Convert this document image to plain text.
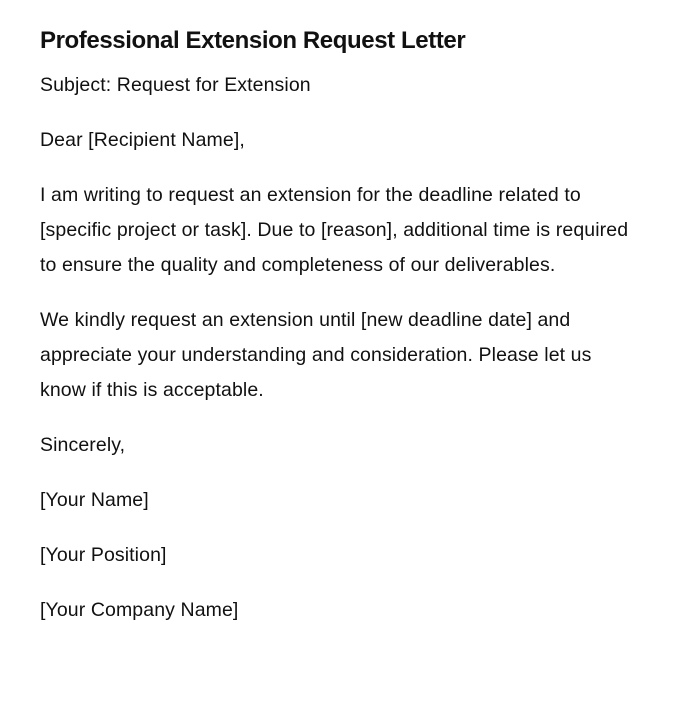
Professional Extension Request Letter

Subject: Request for Extension

Dear [Recipient Name],

I am writing to request an extension for the deadline related to [specific project or task]. Due to [reason], additional time is required to ensure the quality and completeness of our deliverables.

We kindly request an extension until [new deadline date] and appreciate your understanding and consideration. Please let us know if this is acceptable.

Sincerely,

[Your Name]

[Your Position]

[Your Company Name]
